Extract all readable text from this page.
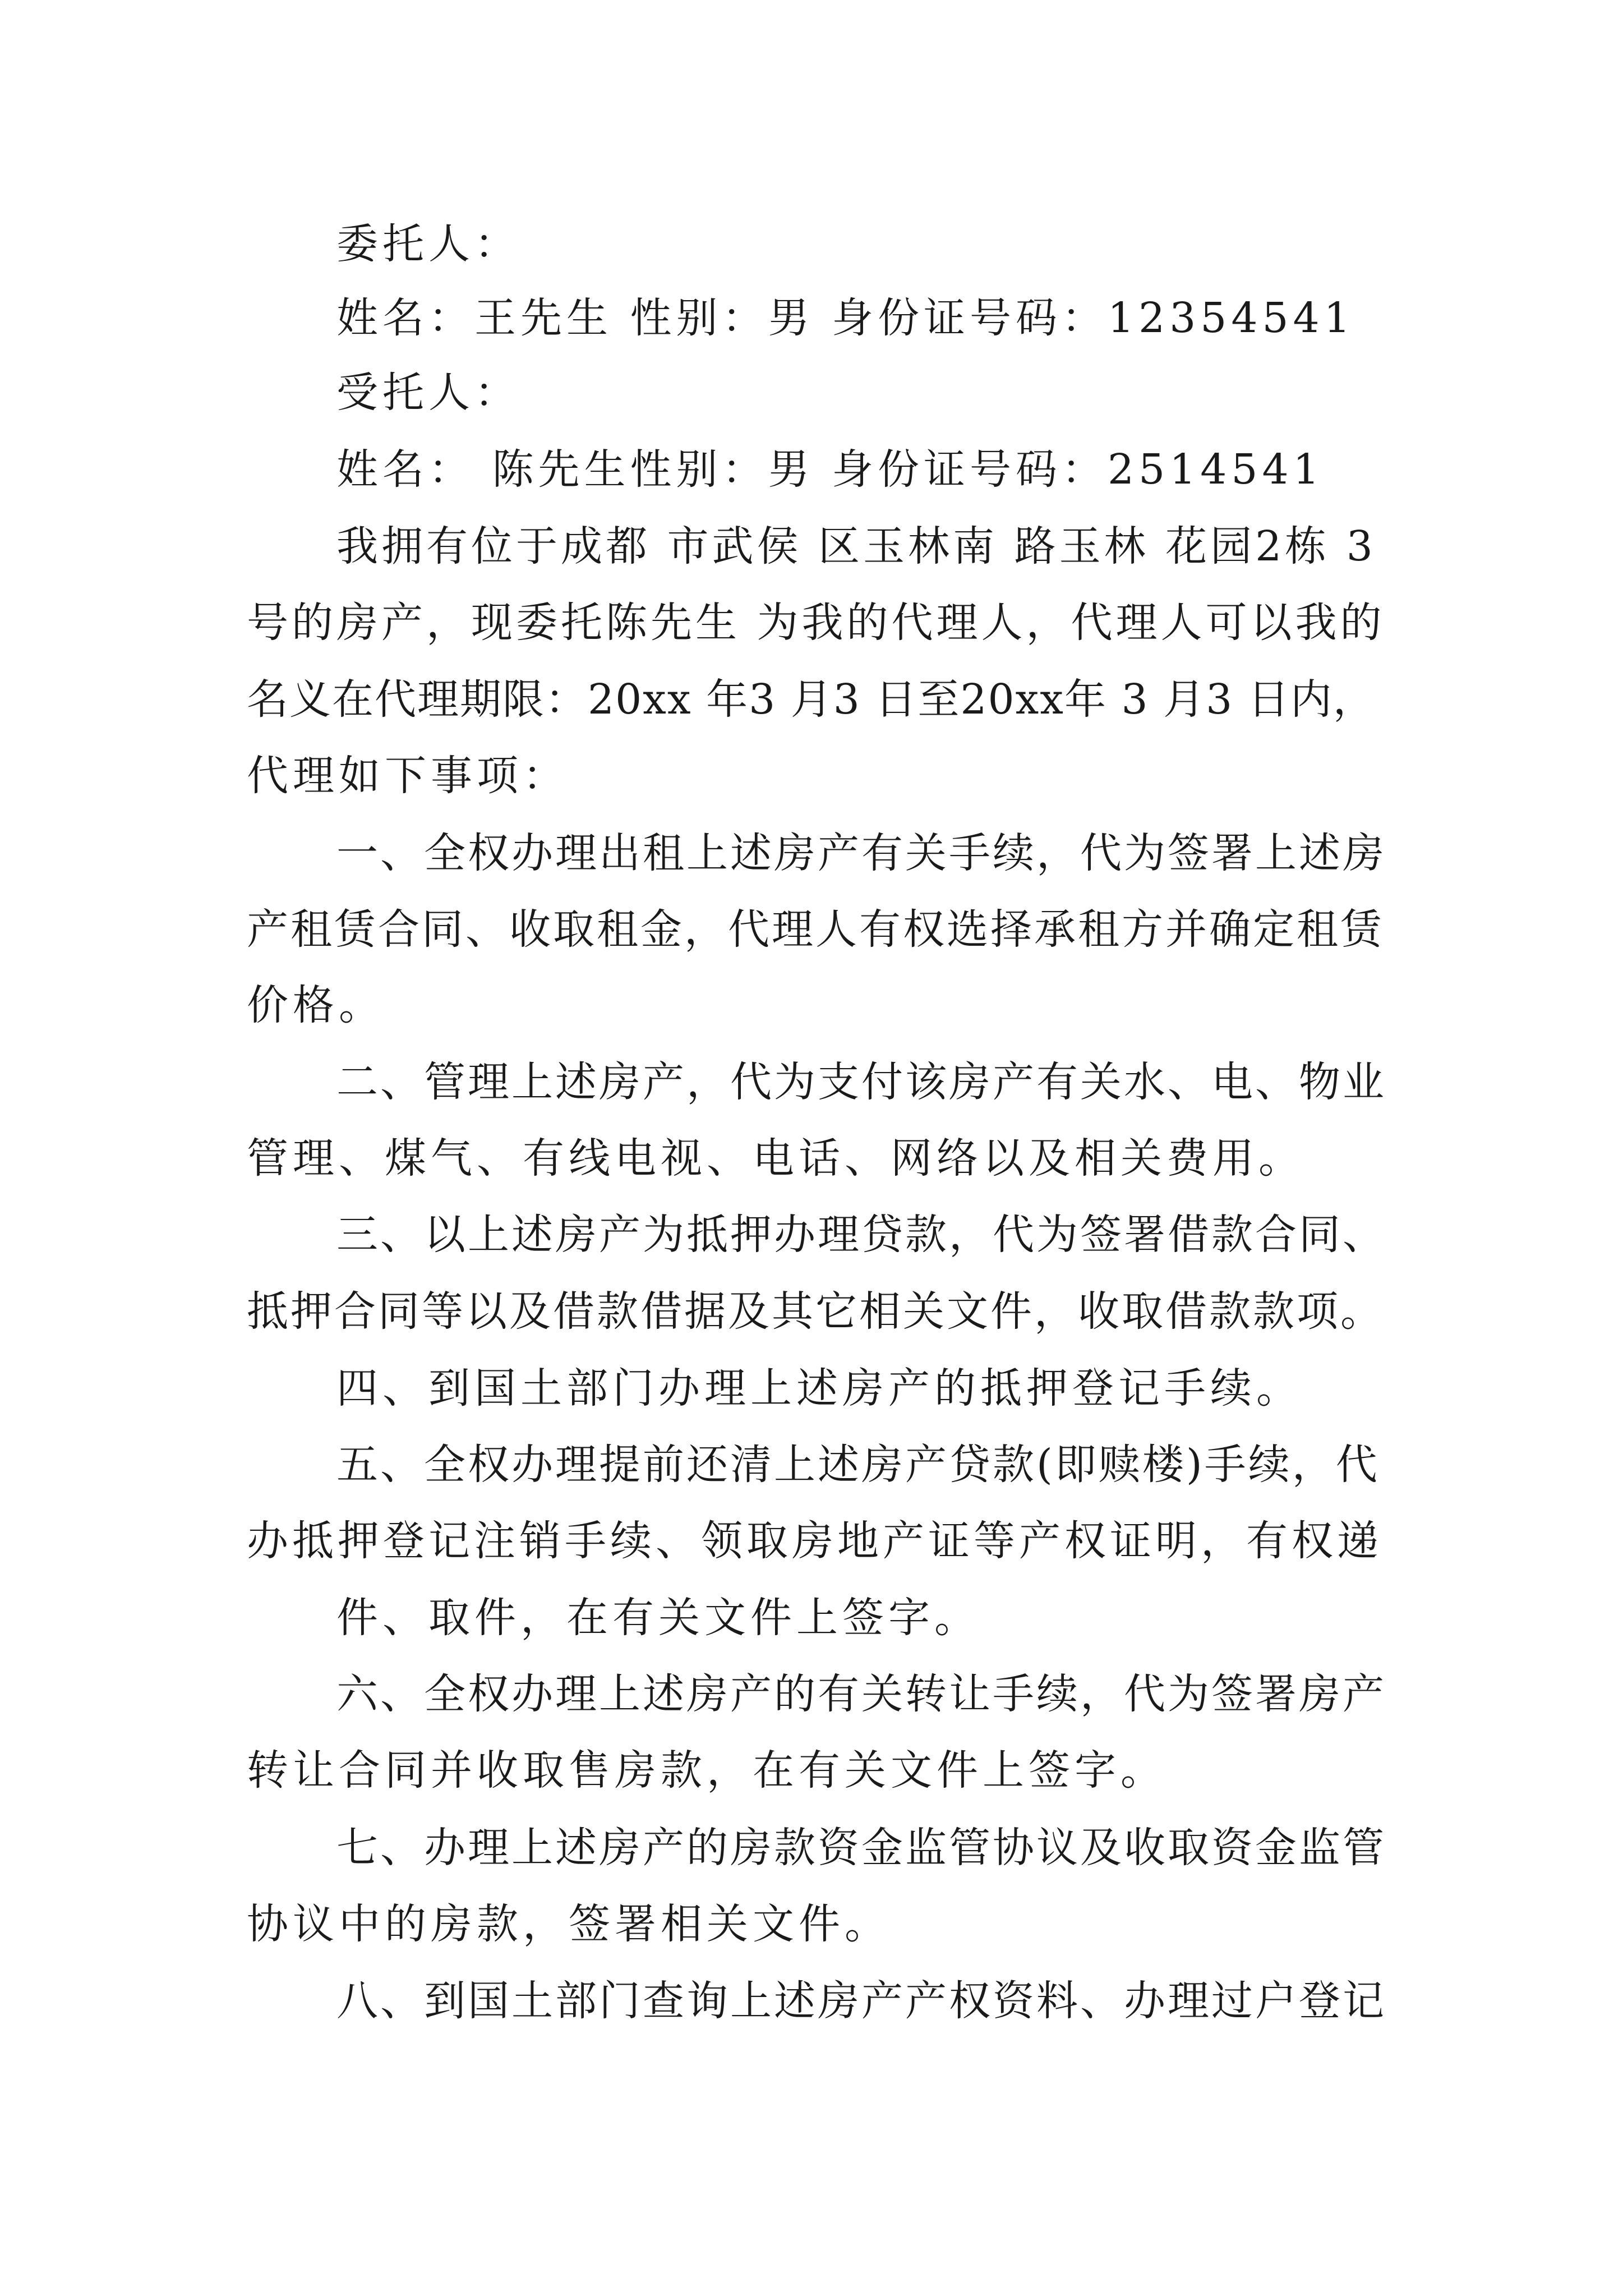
委托人：
姓名：王先生 性别：男 身份证号码：12354541
受托人：
姓名： 陈先生性别：男 身份证号码：2514541
我拥有位于成都 市武侯 区玉林南 路玉林 花园2栋 3
号的房产，现委托陈先生 为我的代理人，代理人可以我的
名义在代理期限：20xx 年3 月3 日至20xx年 3 月3 日内，
代理如下事项：
一、全权办理出租上述房产有关手续，代为签署上述房
产租赁合同、收取租金，代理人有权选择承租方并确定租赁
价格。
二、管理上述房产，代为支付该房产有关水、电、物业
管理、煤气、有线电视、电话、网络以及相关费用。
三、以上述房产为抵押办理贷款，代为签署借款合同、
抵押合同等以及借款借据及其它相关文件，收取借款款项。
四、到国土部门办理上述房产的抵押登记手续。
五、全权办理提前还清上述房产贷款(即赎楼)手续，代
办抵押登记注销手续、领取房地产证等产权证明，有权递
件、取件，在有关文件上签字。
六、全权办理上述房产的有关转让手续，代为签署房产
转让合同并收取售房款，在有关文件上签字。
七、办理上述房产的房款资金监管协议及收取资金监管
协议中的房款，签署相关文件。
八、到国土部门查询上述房产产权资料、办理过户登记
